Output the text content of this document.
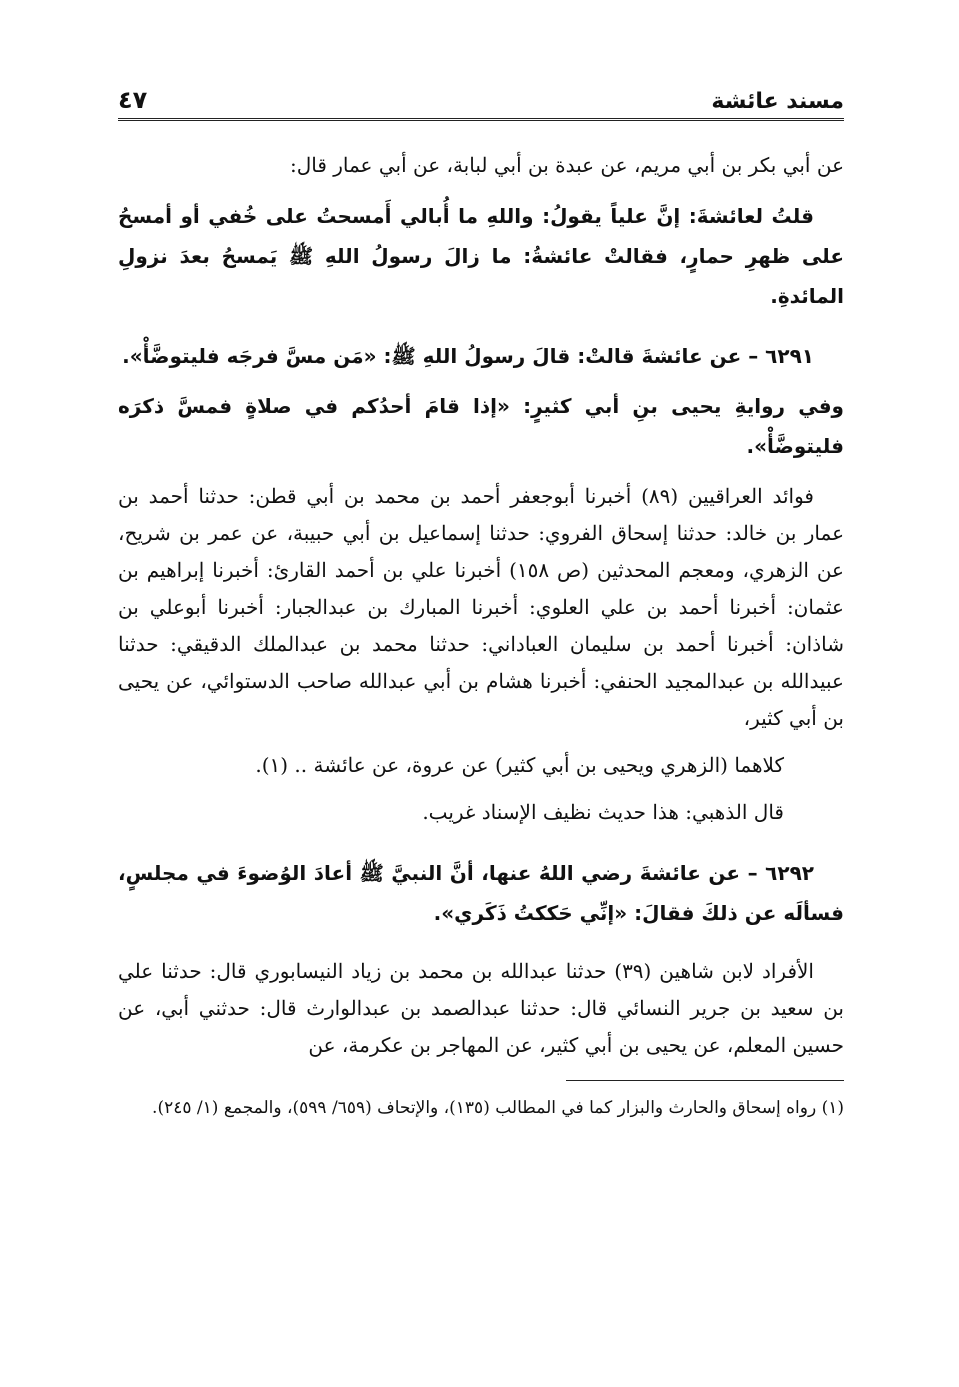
مسند عائشة
٤٧

عن أبي بكر بن أبي مريم، عن عبدة بن أبي لبابة، عن أبي عمار قال:

قلتُ لعائشةَ: إنَّ علياً يقولُ: واللهِ ما أُبالي أَمسحتُ على خُفي أو أمسحُ على ظهرِ حمارٍ، فقالتْ عائشةُ: ما زالَ رسولُ اللهِ ﷺ يَمسحُ بعدَ نزولِ المائدةِ.

٦٢٩١ – عن عائشةَ قالتْ: قالَ رسولُ اللهِ ﷺ: «مَن مسَّ فرجَه فليتوضَّأْ».

وفي روايةِ يحيى بنِ أبي كثيرٍ: «إذا قامَ أحدُكم في صلاةٍ فمسَّ ذكرَه فليتوضَّأْ».

فوائد العراقيين (٨٩) أخبرنا أبوجعفر أحمد بن محمد بن أبي قطن: حدثنا أحمد بن عمار بن خالد: حدثنا إسحاق الفروي: حدثنا إسماعيل بن أبي حبيبة، عن عمر بن شريح، عن الزهري، ومعجم المحدثين (ص ١٥٨) أخبرنا علي بن أحمد القارئ: أخبرنا إبراهيم بن عثمان: أخبرنا أحمد بن علي العلوي: أخبرنا المبارك بن عبدالجبار: أخبرنا أبوعلي بن شاذان: أخبرنا أحمد بن سليمان العباداني: حدثنا محمد بن عبدالملك الدقيقي: حدثنا عبيدالله بن عبدالمجيد الحنفي: أخبرنا هشام بن أبي عبدالله صاحب الدستوائي، عن يحيى بن أبي كثير،

كلاهما (الزهري ويحيى بن أبي كثير) عن عروة، عن عائشة .. (١).

قال الذهبي: هذا حديث نظيف الإسناد غريب.

٦٢٩٢ – عن عائشةَ رضي اللهُ عنها، أنَّ النبيَّ ﷺ أعادَ الوُضوءَ في مجلسٍ، فسألَه عن ذلكَ فقالَ: «إنِّي حَككتُ ذَكَري».

الأفراد لابن شاهين (٣٩) حدثنا عبدالله بن محمد بن زياد النيسابوري قال: حدثنا علي بن سعيد بن جرير النسائي قال: حدثنا عبدالصمد بن عبدالوارث قال: حدثني أبي، عن حسين المعلم، عن يحيى بن أبي كثير، عن المهاجر بن عكرمة، عن

(١) رواه إسحاق والحارث والبزار كما في المطالب (١٣٥)، والإتحاف (٦٥٩/ ٥٩٩)، والمجمع (١/ ٢٤٥).
